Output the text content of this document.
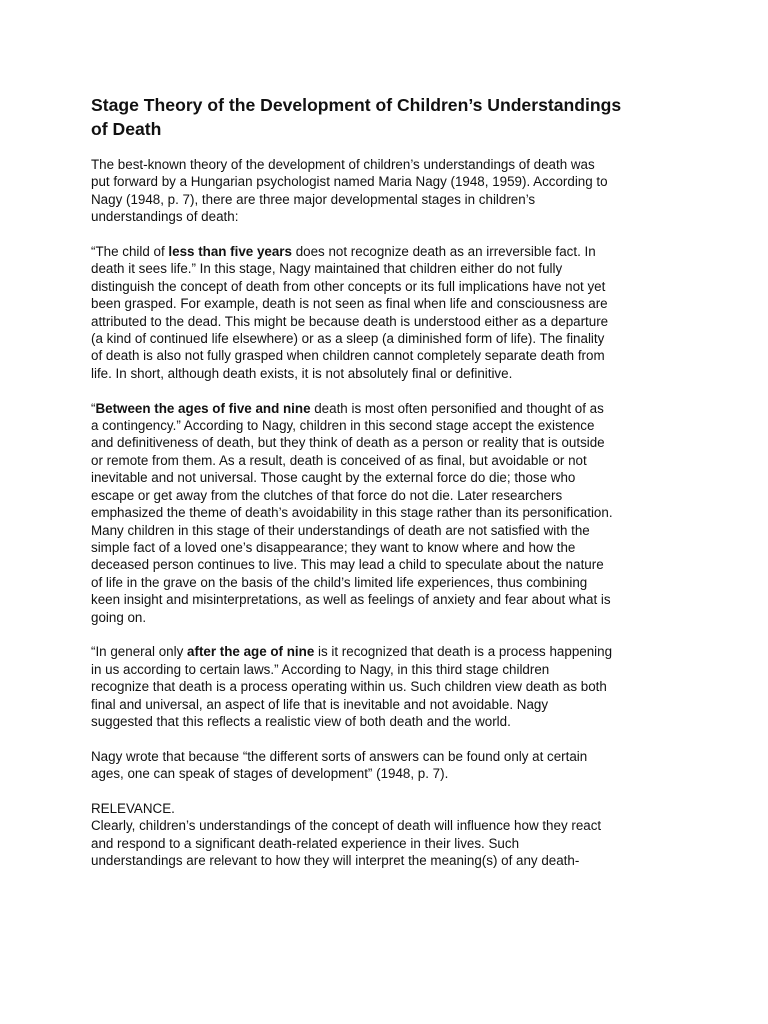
Stage Theory of the Development of Children’s Understandings
of Death

The best-known theory of the development of children’s understandings of death was
put forward by a Hungarian psychologist named Maria Nagy (1948, 1959). According to
Nagy (1948, p. 7), there are three major developmental stages in children’s
understandings of death:

“The child of less than five years does not recognize death as an irreversible fact. In
death it sees life.” In this stage, Nagy maintained that children either do not fully
distinguish the concept of death from other concepts or its full implications have not yet
been grasped. For example, death is not seen as final when life and consciousness are
attributed to the dead. This might be because death is understood either as a departure
(a kind of continued life elsewhere) or as a sleep (a diminished form of life). The finality
of death is also not fully grasped when children cannot completely separate death from
life. In short, although death exists, it is not absolutely final or definitive.

“Between the ages of five and nine death is most often personified and thought of as
a contingency.” According to Nagy, children in this second stage accept the existence
and definitiveness of death, but they think of death as a person or reality that is outside
or remote from them. As a result, death is conceived of as final, but avoidable or not
inevitable and not universal. Those caught by the external force do die; those who
escape or get away from the clutches of that force do not die. Later researchers
emphasized the theme of death’s avoidability in this stage rather than its personification.
Many children in this stage of their understandings of death are not satisfied with the
simple fact of a loved one’s disappearance; they want to know where and how the
deceased person continues to live. This may lead a child to speculate about the nature
of life in the grave on the basis of the child’s limited life experiences, thus combining
keen insight and misinterpretations, as well as feelings of anxiety and fear about what is
going on.

“In general only after the age of nine is it recognized that death is a process happening
in us according to certain laws.” According to Nagy, in this third stage children
recognize that death is a process operating within us. Such children view death as both
final and universal, an aspect of life that is inevitable and not avoidable. Nagy
suggested that this reflects a realistic view of both death and the world.

Nagy wrote that because “the different sorts of answers can be found only at certain
ages, one can speak of stages of development” (1948, p. 7).

RELEVANCE.
Clearly, children’s understandings of the concept of death will influence how they react
and respond to a significant death-related experience in their lives. Such
understandings are relevant to how they will interpret the meaning(s) of any death-
